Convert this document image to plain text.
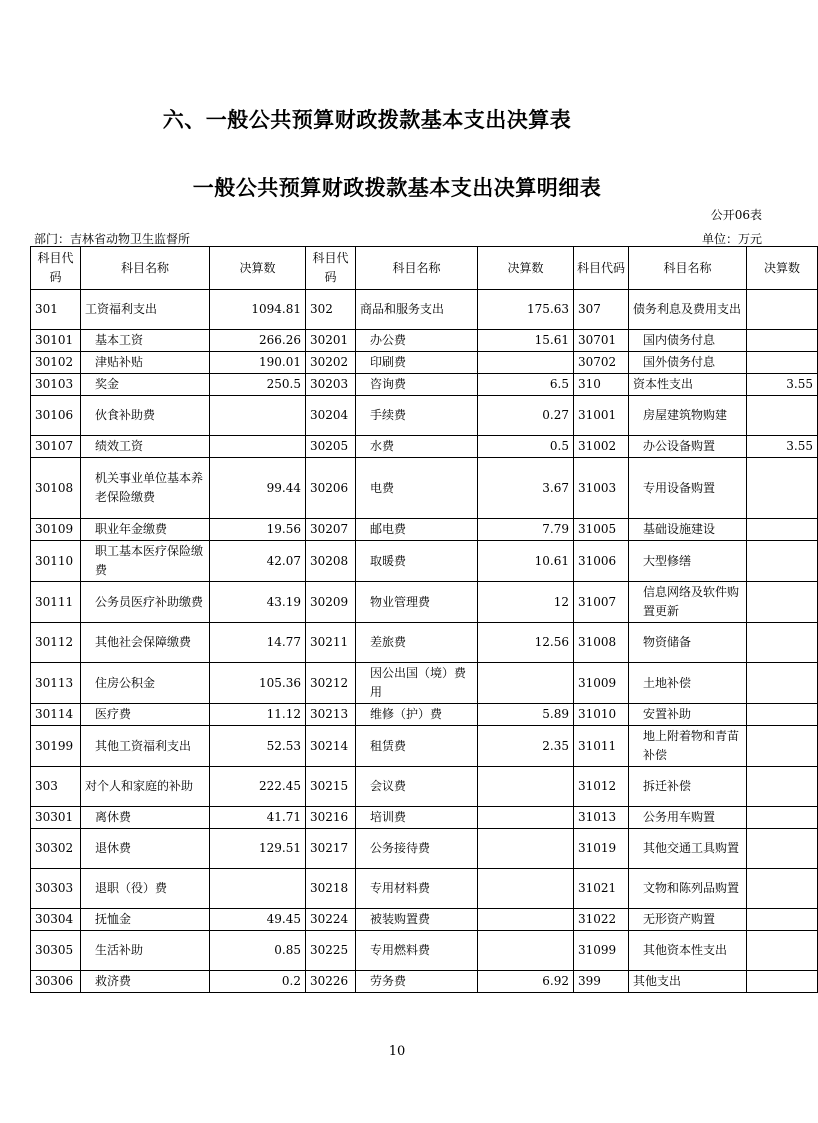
六、一般公共预算财政拨款基本支出决算表
一般公共预算财政拨款基本支出决算明细表
公开06表
部门：吉林省动物卫生监督所	单位：万元
科目代码	科目名称	决算数	科目代码	科目名称	决算数	科目代码	科目名称	决算数
301	工资福利支出	1094.81	302	商品和服务支出	175.63	307	债务利息及费用支出	
30101	基本工资	266.26	30201	办公费	15.61	30701	国内债务付息	
30102	津贴补贴	190.01	30202	印刷费		30702	国外债务付息	
30103	奖金	250.5	30203	咨询费	6.5	310	资本性支出	3.55
30106	伙食补助费		30204	手续费	0.27	31001	房屋建筑物购建	
30107	绩效工资		30205	水费	0.5	31002	办公设备购置	3.55
30108	机关事业单位基本养老保险缴费	99.44	30206	电费	3.67	31003	专用设备购置	
30109	职业年金缴费	19.56	30207	邮电费	7.79	31005	基础设施建设	
30110	职工基本医疗保险缴费	42.07	30208	取暖费	10.61	31006	大型修缮	
30111	公务员医疗补助缴费	43.19	30209	物业管理费	12	31007	信息网络及软件购置更新	
30112	其他社会保障缴费	14.77	30211	差旅费	12.56	31008	物资储备	
30113	住房公积金	105.36	30212	因公出国（境）费用		31009	土地补偿	
30114	医疗费	11.12	30213	维修（护）费	5.89	31010	安置补助	
30199	其他工资福利支出	52.53	30214	租赁费	2.35	31011	地上附着物和青苗补偿	
303	对个人和家庭的补助	222.45	30215	会议费		31012	拆迁补偿	
30301	离休费	41.71	30216	培训费		31013	公务用车购置	
30302	退休费	129.51	30217	公务接待费		31019	其他交通工具购置	
30303	退职（役）费		30218	专用材料费		31021	文物和陈列品购置	
30304	抚恤金	49.45	30224	被装购置费		31022	无形资产购置	
30305	生活补助	0.85	30225	专用燃料费		31099	其他资本性支出	
30306	救济费	0.2	30226	劳务费	6.92	399	其他支出	
10
